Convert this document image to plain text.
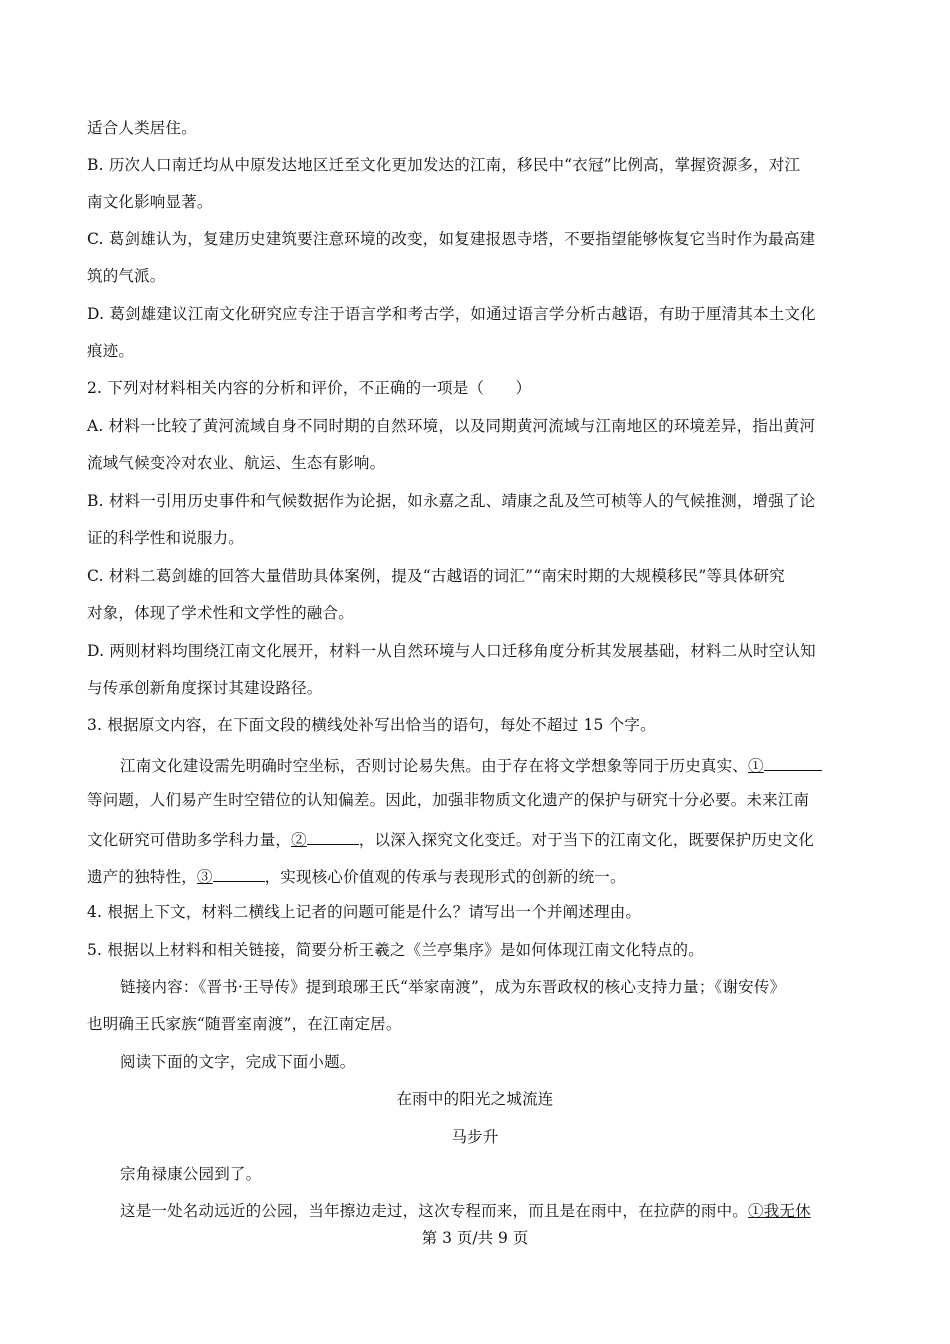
适合人类居住。
B. 历次人口南迁均从中原发达地区迁至文化更加发达的江南，移民中“衣冠”比例高，掌握资源多，对江
南文化影响显著。
C. 葛剑雄认为，复建历史建筑要注意环境的改变，如复建报恩寺塔，不要指望能够恢复它当时作为最高建
筑的气派。
D. 葛剑雄建议江南文化研究应专注于语言学和考古学，如通过语言学分析古越语，有助于厘清其本土文化
痕迹。
2. 下列对材料相关内容的分析和评价，不正确的一项是（　　）
A. 材料一比较了黄河流域自身不同时期的自然环境，以及同期黄河流域与江南地区的环境差异，指出黄河
流域气候变冷对农业、航运、生态有影响。
B. 材料一引用历史事件和气候数据作为论据，如永嘉之乱、靖康之乱及竺可桢等人的气候推测，增强了论
证的科学性和说服力。
C. 材料二葛剑雄的回答大量借助具体案例，提及“古越语的词汇”“南宋时期的大规模移民”等具体研究
对象，体现了学术性和文学性的融合。
D. 两则材料均围绕江南文化展开，材料一从自然环境与人口迁移角度分析其发展基础，材料二从时空认知
与传承创新角度探讨其建设路径。
3. 根据原文内容，在下面文段的横线处补写出恰当的语句，每处不超过 15 个字。
江南文化建设需先明确时空坐标，否则讨论易失焦。由于存在将文学想象等同于历史真实、①
等问题，人们易产生时空错位的认知偏差。因此，加强非物质文化遗产的保护与研究十分必要。未来江南
文化研究可借助多学科力量，②	，以深入探究文化变迁。对于当下的江南文化，既要保护历史文化
遗产的独特性，③	，实现核心价值观的传承与表现形式的创新的统一。
4. 根据上下文，材料二横线上记者的问题可能是什么？请写出一个并阐述理由。
5. 根据以上材料和相关链接，简要分析王羲之《兰亭集序》是如何体现江南文化特点的。
链接内容：《晋书·王导传》提到琅琊王氏“举家南渡”，成为东晋政权的核心支持力量；《谢安传》
也明确王氏家族“随晋室南渡”，在江南定居。
阅读下面的文字，完成下面小题。
在雨中的阳光之城流连
马步升
宗角禄康公园到了。
这是一处名动远近的公园，当年擦边走过，这次专程而来，而且是在雨中，在拉萨的雨中。①我无休
第 3 页/共 9 页
